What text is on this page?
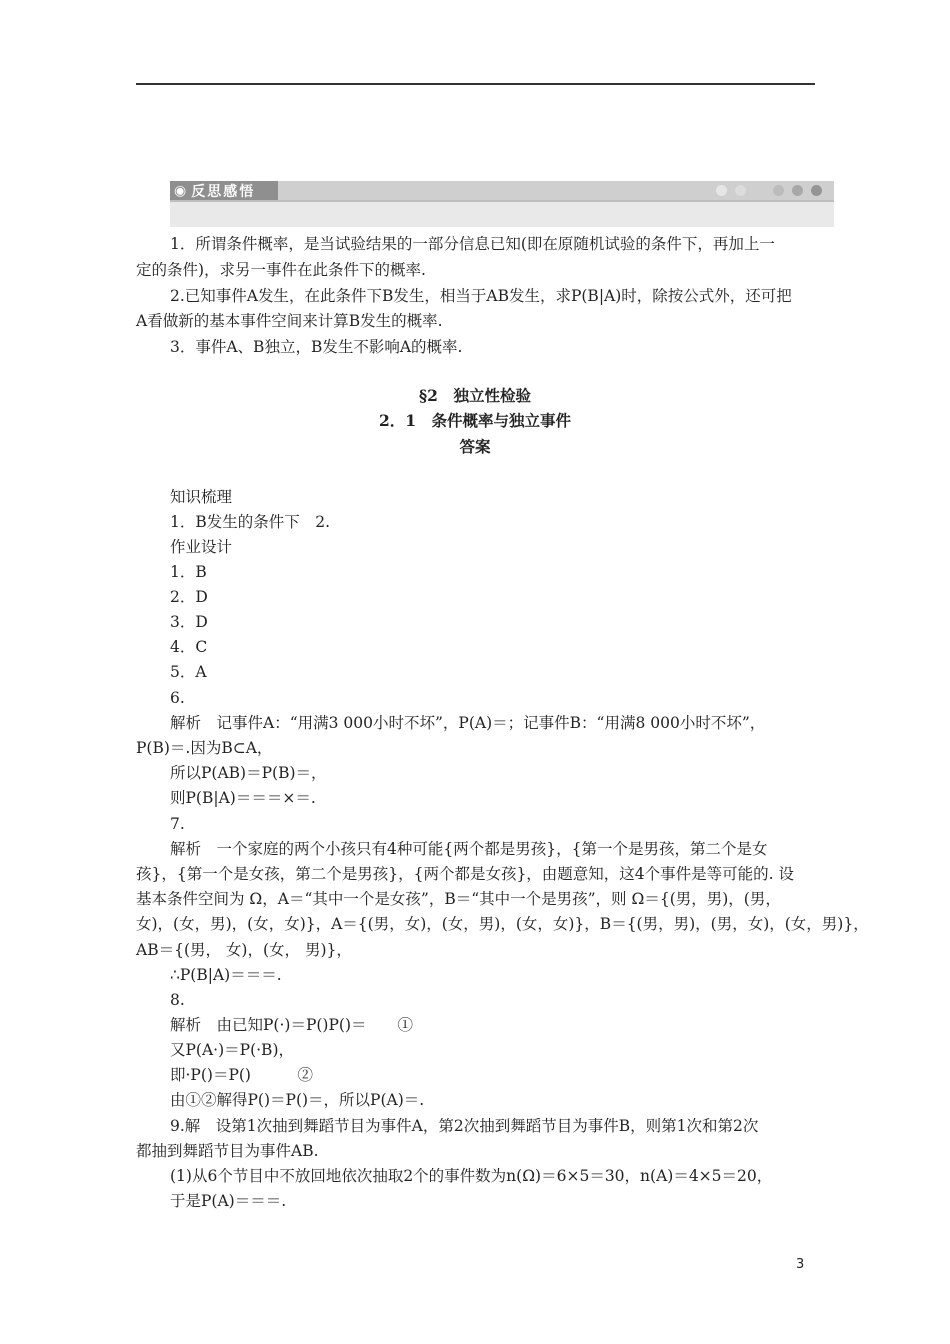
◉ 反思感悟
1．所谓条件概率，是当试验结果的一部分信息已知(即在原随机试验的条件下，再加上一
定的条件)，求另一事件在此条件下的概率.
2.已知事件A发生，在此条件下B发生，相当于AB发生，求P(B|A)时，除按公式外，还可把
A看做新的基本事件空间来计算B发生的概率.
3．事件A、B独立，B发生不影响A的概率.
§2　独立性检验
2．1　条件概率与独立事件
答案
知识梳理
1．B发生的条件下　2.
作业设计
1．B
2．D
3．D
4．C
5．A
6.
解析　记事件A：“用满3 000小时不坏”，P(A)＝；记事件B：“用满8 000小时不坏”，
P(B)＝.因为B⊂A，
所以P(AB)＝P(B)＝，
则P(B|A)＝＝＝×＝.
7.
解析　一个家庭的两个小孩只有4种可能{两个都是男孩}，{第一个是男孩，第二个是女
孩}，{第一个是女孩，第二个是男孩}，{两个都是女孩}，由题意知，这4个事件是等可能的. 设
基本条件空间为 Ω，A＝“其中一个是女孩”，B＝“其中一个是男孩”，则 Ω＝{(男，男)，(男，
女)，(女，男)，(女，女)}，A＝{(男，女)，(女，男)，(女，女)}，B＝{(男，男)，(男，女)，(女，男)}，
AB＝{(男， 女)，(女， 男)}，
∴P(B|A)＝＝＝.
8.
解析　由已知P(·)＝P()P()＝　　①
又P(A·)＝P(·B)，
即·P()＝P()　　　②
由①②解得P()＝P()＝，所以P(A)＝.
9.解　设第1次抽到舞蹈节目为事件A，第2次抽到舞蹈节目为事件B，则第1次和第2次
都抽到舞蹈节目为事件AB.
(1)从6个节目中不放回地依次抽取2个的事件数为n(Ω)＝6×5＝30，n(A)＝4×5＝20，
于是P(A)＝＝＝.
3
